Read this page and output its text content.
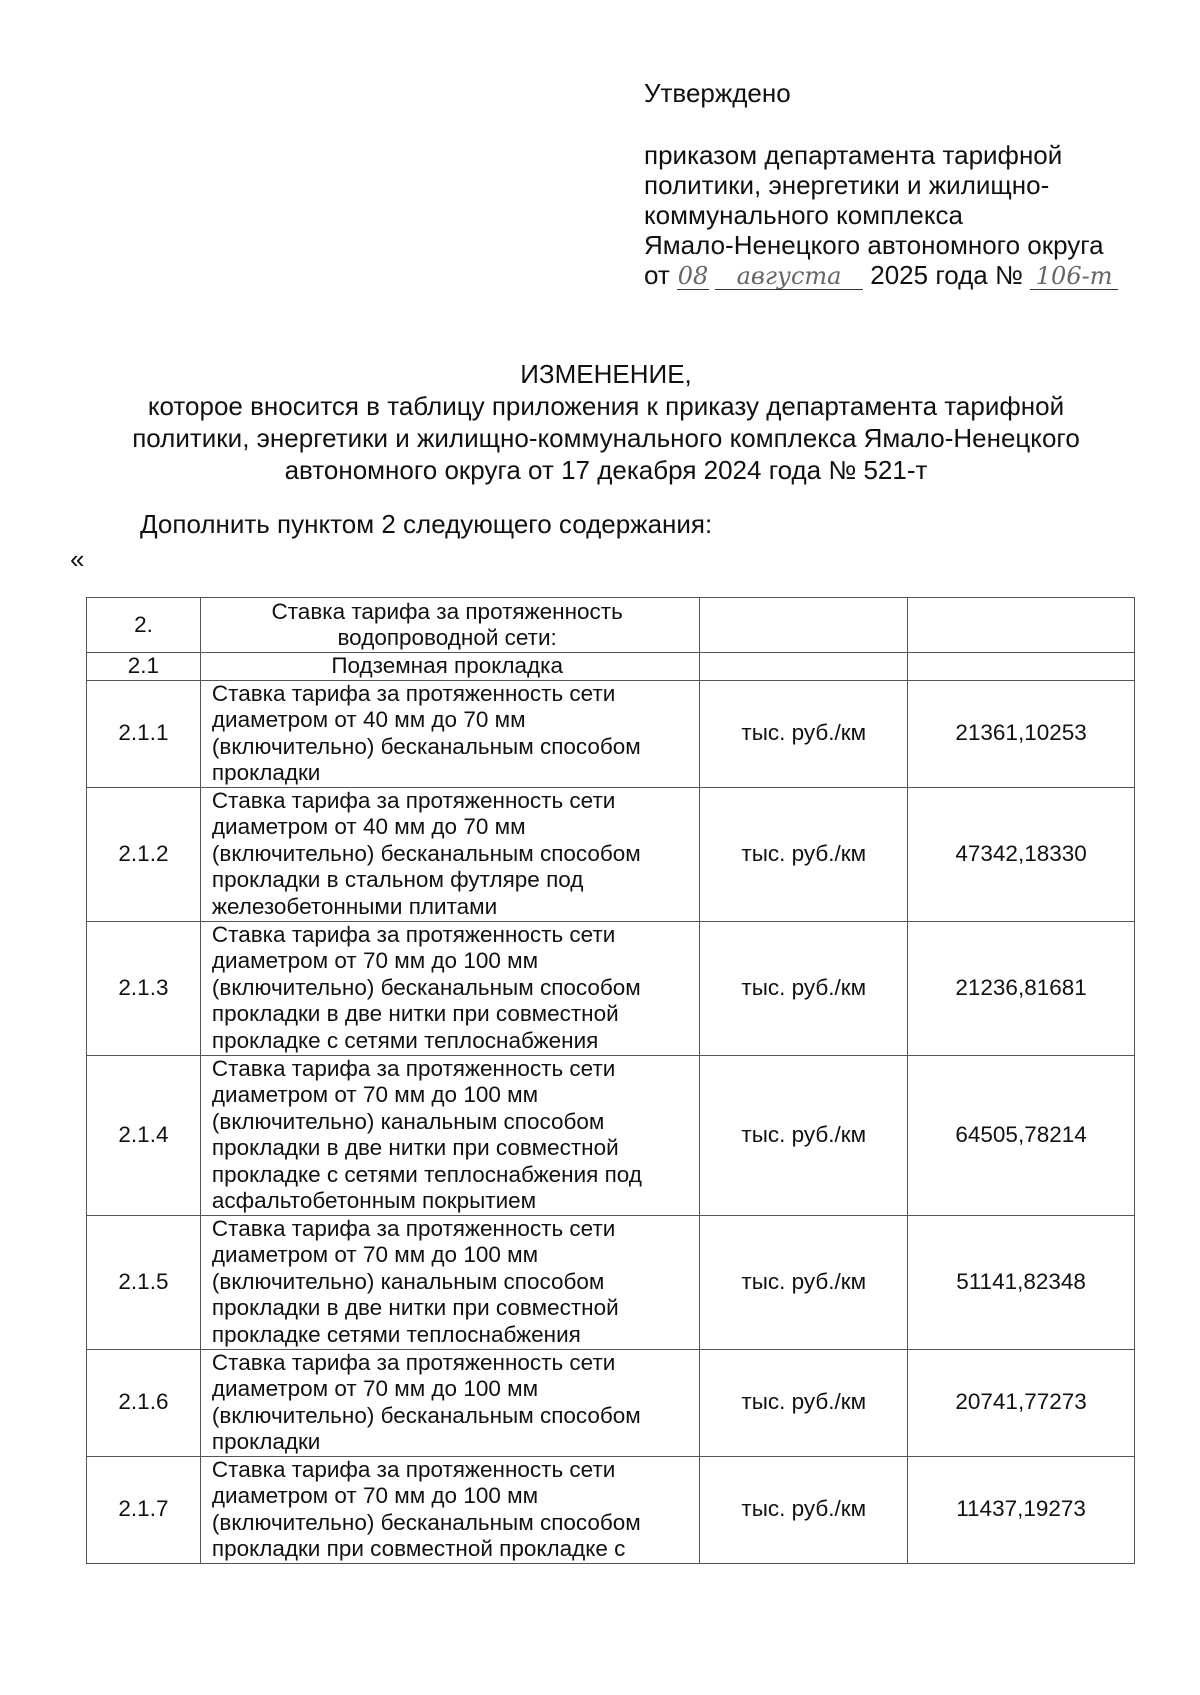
Утверждено
приказом департамента тарифной
политики, энергетики и жилищно-
коммунального комплекса
Ямало-Ненецкого автономного округа
от 08 августа 2025 года № 106-т
ИЗМЕНЕНИЕ,
которое вносится в таблицу приложения к приказу департамента тарифной политики, энергетики и жилищно-коммунального комплекса Ямало-Ненецкого автономного округа от 17 декабря 2024 года № 521-т
Дополнить пунктом 2 следующего содержания:
«
2.	Ставка тарифа за протяженность водопроводной сети:		
2.1	Подземная прокладка		
2.1.1	Ставка тарифа за протяженность сети диаметром от 40 мм до 70 мм (включительно) бесканальным способом прокладки	тыс. руб./км	21361,10253
2.1.2	Ставка тарифа за протяженность сети диаметром от 40 мм до 70 мм (включительно) бесканальным способом прокладки в стальном футляре под железобетонными плитами	тыс. руб./км	47342,18330
2.1.3	Ставка тарифа за протяженность сети диаметром от 70 мм до 100 мм (включительно) бесканальным способом прокладки в две нитки при совместной прокладке с сетями теплоснабжения	тыс. руб./км	21236,81681
2.1.4	Ставка тарифа за протяженность сети диаметром от 70 мм до 100 мм (включительно) канальным способом прокладки в две нитки при совместной прокладке с сетями теплоснабжения под асфальтобетонным покрытием	тыс. руб./км	64505,78214
2.1.5	Ставка тарифа за протяженность сети диаметром от 70 мм до 100 мм (включительно) канальным способом прокладки в две нитки при совместной прокладке сетями теплоснабжения	тыс. руб./км	51141,82348
2.1.6	Ставка тарифа за протяженность сети диаметром от 70 мм до 100 мм (включительно) бесканальным способом прокладки	тыс. руб./км	20741,77273
2.1.7	Ставка тарифа за протяженность сети диаметром от 70 мм до 100 мм (включительно) бесканальным способом прокладки при совместной прокладке с	тыс. руб./км	11437,19273
